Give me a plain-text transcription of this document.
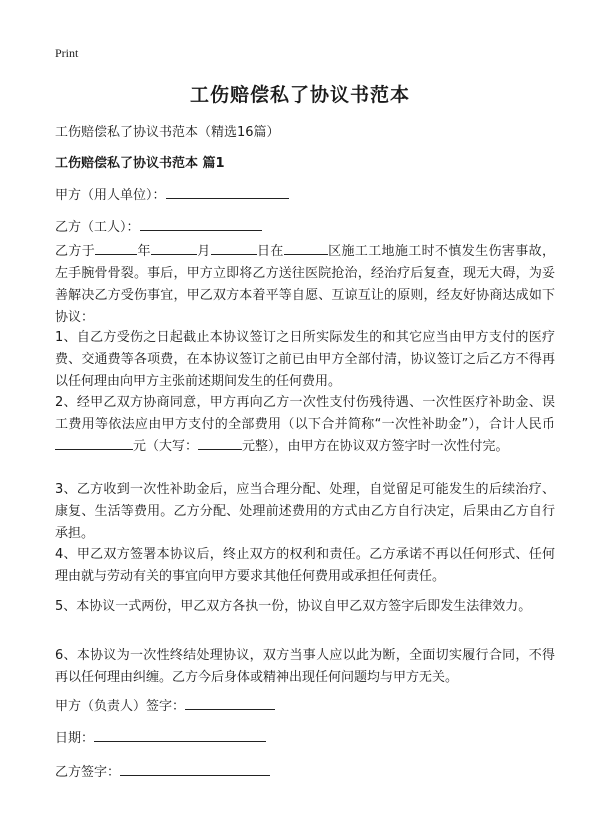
Print
工伤赔偿私了协议书范本
工伤赔偿私了协议书范本（精选16篇）
工伤赔偿私了协议书范本 篇1
甲方（用人单位）：
乙方（工人）：
乙方于	年	月	日在	区施工工地施工时不慎发生伤害事故，左手腕骨骨裂。事后，甲方立即将乙方送往医院抢治，经治疗后复查，现无大碍，为妥善解决乙方受伤事宜，甲乙双方本着平等自愿、互谅互让的原则，经友好协商达成如下协议：
1、自乙方受伤之日起截止本协议签订之日所实际发生的和其它应当由甲方支付的医疗费、交通费等各项费，在本协议签订之前已由甲方全部付清，协议签订之后乙方不得再以任何理由向甲方主张前述期间发生的任何费用。
2、经甲乙双方协商同意，甲方再向乙方一次性支付伤残待遇、一次性医疗补助金、误工费用等依法应由甲方支付的全部费用（以下合并简称“一次性补助金”），合计人民币元（大写：	元整），由甲方在协议双方签字时一次性付完。
3、乙方收到一次性补助金后，应当合理分配、处理，自觉留足可能发生的后续治疗、康复、生活等费用。乙方分配、处理前述费用的方式由乙方自行决定，后果由乙方自行承担。
4、甲乙双方签署本协议后，终止双方的权利和责任。乙方承诺不再以任何形式、任何理由就与劳动有关的事宜向甲方要求其他任何费用或承担任何责任。
5、本协议一式两份，甲乙双方各执一份，协议自甲乙双方签字后即发生法律效力。
6、本协议为一次性终结处理协议，双方当事人应以此为断，全面切实履行合同，不得再以任何理由纠缠。乙方今后身体或精神出现任何问题均与甲方无关。
甲方（负责人）签字：
日期：
乙方签字：
